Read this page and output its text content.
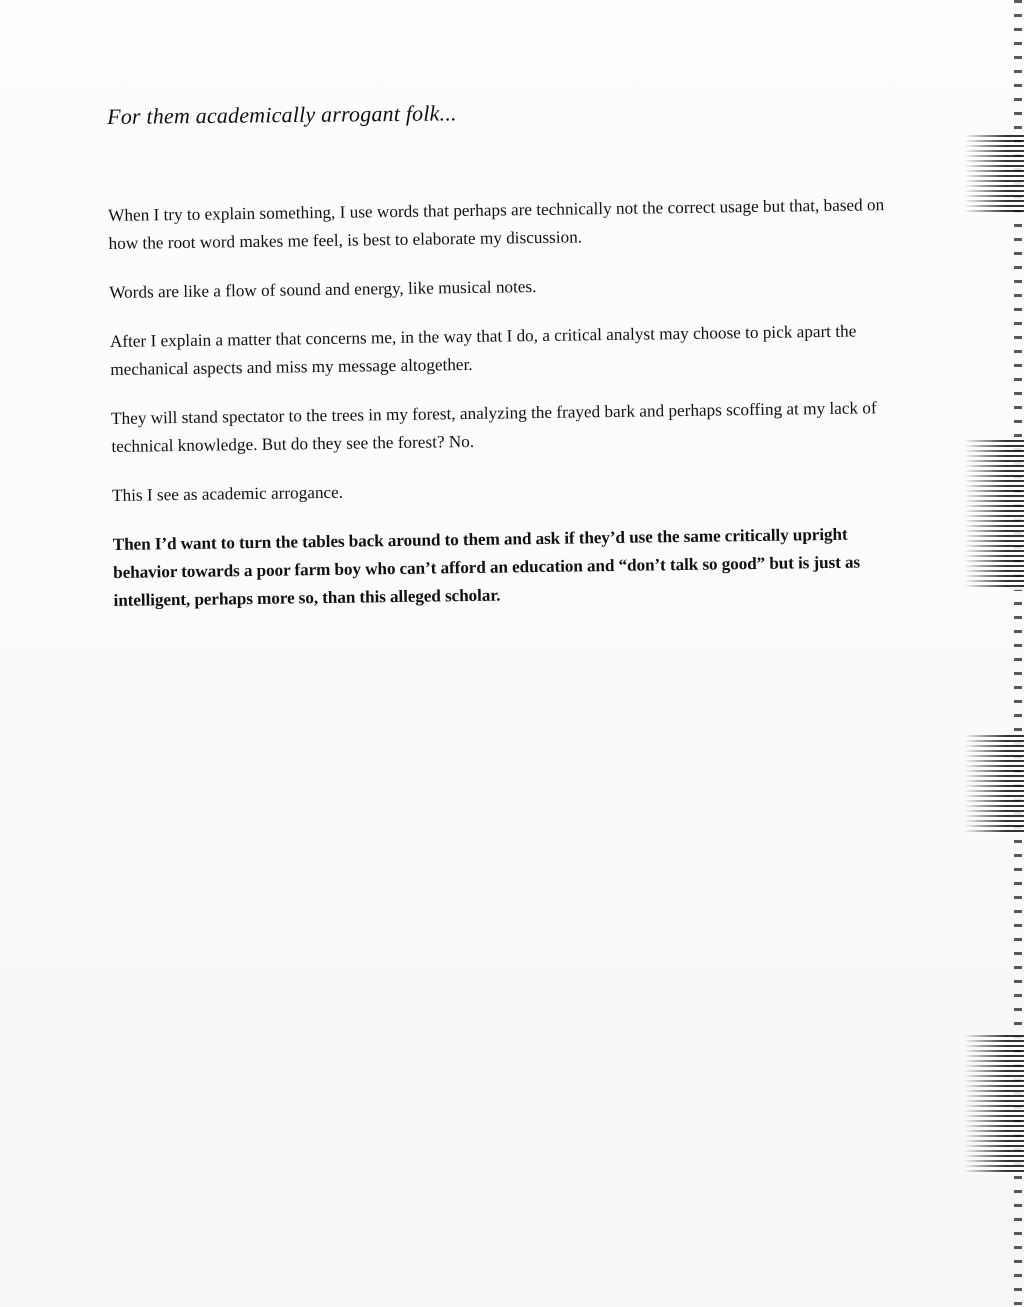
For them academically arrogant folk...

When I try to explain something, I use words that perhaps are technically not the correct usage but that, based on how the root word makes me feel, is best to elaborate my discussion.

Words are like a flow of sound and energy, like musical notes.

After I explain a matter that concerns me, in the way that I do, a critical analyst may choose to pick apart the mechanical aspects and miss my message altogether.

They will stand spectator to the trees in my forest, analyzing the frayed bark and perhaps scoffing at my lack of technical knowledge. But do they see the forest? No.

This I see as academic arrogance.

Then I’d want to turn the tables back around to them and ask if they’d use the same critically upright behavior towards a poor farm boy who can’t afford an education and “don’t talk so good” but is just as intelligent, perhaps more so, than this alleged scholar.
